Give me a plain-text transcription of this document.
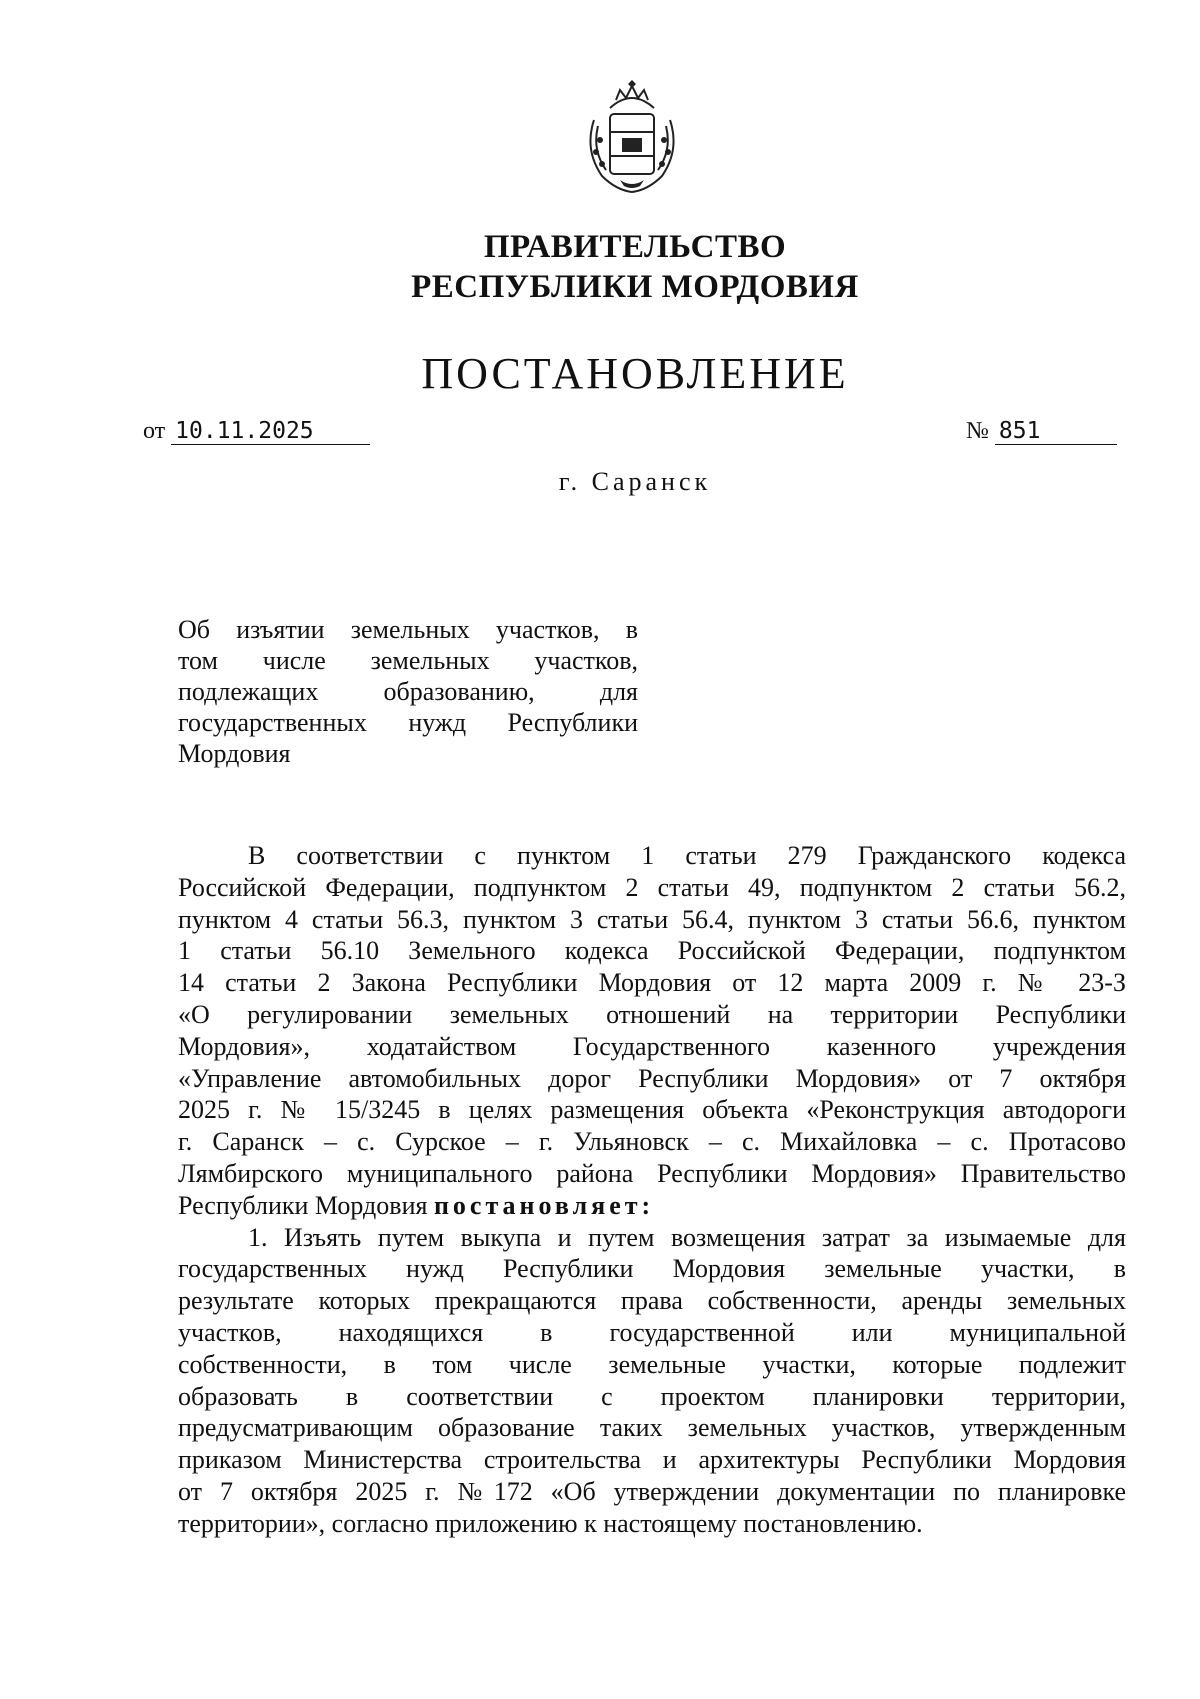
ПРАВИТЕЛЬСТВО
РЕСПУБЛИКИ МОРДОВИЯ
ПОСТАНОВЛЕНИЕ
от 10.11.2025	№ 851
г. Саранск
Об изъятии земельных участков, в
том числе земельных участков,
подлежащих образованию, для
государственных нужд Республики
Мордовия
В соответствии с пунктом 1 статьи 279 Гражданского кодекса
Российской Федерации, подпунктом 2 статьи 49, подпунктом 2 статьи 56.2,
пунктом 4 статьи 56.3, пунктом 3 статьи 56.4, пунктом 3 статьи 56.6, пунктом
1 статьи 56.10 Земельного кодекса Российской Федерации, подпунктом
14 статьи 2 Закона Республики Мордовия от 12 марта 2009 г. № 23-З
«О регулировании земельных отношений на территории Республики
Мордовия», ходатайством Государственного казенного учреждения
«Управление автомобильных дорог Республики Мордовия» от 7 октября
2025 г. № 15/3245 в целях размещения объекта «Реконструкция автодороги
г. Саранск – с. Сурское – г. Ульяновск – с. Михайловка – с. Протасово
Лямбирского муниципального района Республики Мордовия» Правительство
Республики Мордовия постановляет:
1. Изъять путем выкупа и путем возмещения затрат за изымаемые для
государственных нужд Республики Мордовия земельные участки, в
результате которых прекращаются права собственности, аренды земельных
участков, находящихся в государственной или муниципальной
собственности, в том числе земельные участки, которые подлежит
образовать в соответствии с проектом планировки территории,
предусматривающим образование таких земельных участков, утвержденным
приказом Министерства строительства и архитектуры Республики Мордовия
от 7 октября 2025 г. №172 «Об утверждении документации по планировке
территории», согласно приложению к настоящему постановлению.
